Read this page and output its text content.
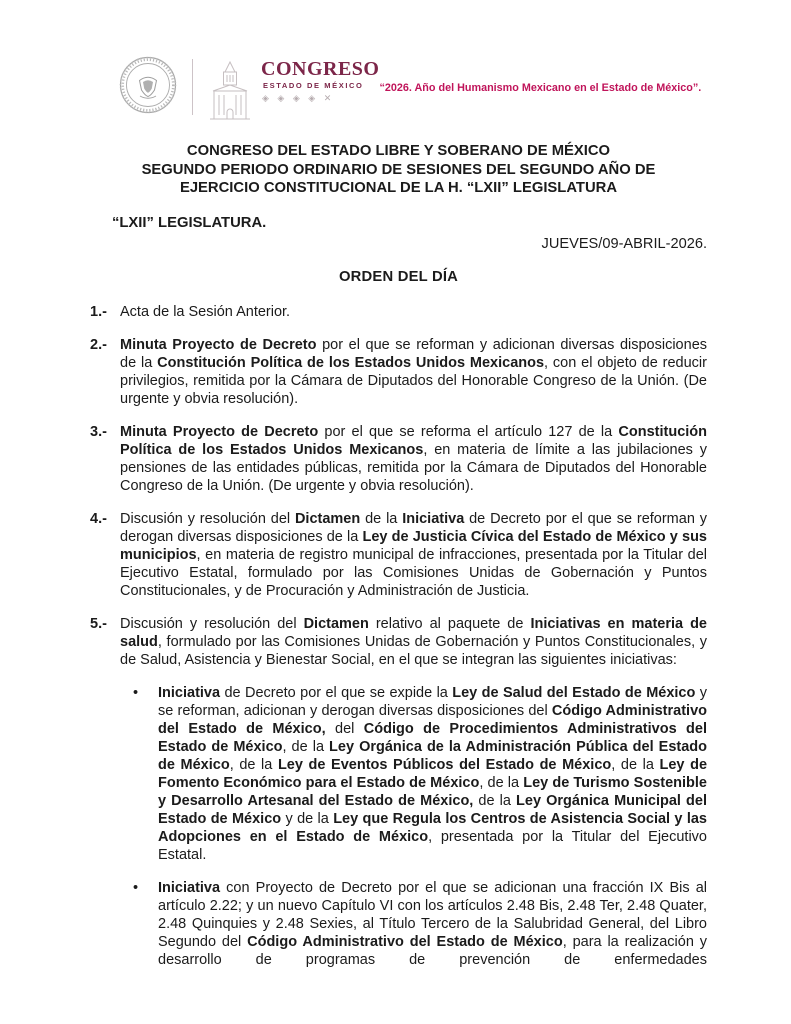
CONGRESO
ESTADO DE MÉXICO
◈ ◈ ◈ ◈ ✕
“2026. Año del Humanismo Mexicano en el Estado de México”.
CONGRESO DEL ESTADO LIBRE Y SOBERANO DE MÉXICO
SEGUNDO PERIODO ORDINARIO DE SESIONES DEL SEGUNDO AÑO DE
EJERCICIO CONSTITUCIONAL DE LA H. “LXII” LEGISLATURA
“LXII” LEGISLATURA.
JUEVES/09-ABRIL-2026.
ORDEN DEL DÍA
1.- Acta de la Sesión Anterior.
2.- Minuta Proyecto de Decreto por el que se reforman y adicionan diversas disposiciones de la Constitución Política de los Estados Unidos Mexicanos, con el objeto de reducir privilegios, remitida por la Cámara de Diputados del Honorable Congreso de la Unión. (De urgente y obvia resolución).
3.- Minuta Proyecto de Decreto por el que se reforma el artículo 127 de la Constitución Política de los Estados Unidos Mexicanos, en materia de límite a las jubilaciones y pensiones de las entidades públicas, remitida por la Cámara de Diputados del Honorable Congreso de la Unión. (De urgente y obvia resolución).
4.- Discusión y resolución del Dictamen de la Iniciativa de Decreto por el que se reforman y derogan diversas disposiciones de la Ley de Justicia Cívica del Estado de México y sus municipios, en materia de registro municipal de infracciones, presentada por la Titular del Ejecutivo Estatal, formulado por las Comisiones Unidas de Gobernación y Puntos Constitucionales, y de Procuración y Administración de Justicia.
5.- Discusión y resolución del Dictamen relativo al paquete de Iniciativas en materia de salud, formulado por las Comisiones Unidas de Gobernación y Puntos Constitucionales, y de Salud, Asistencia y Bienestar Social, en el que se integran las siguientes iniciativas:
•	Iniciativa de Decreto por el que se expide la Ley de Salud del Estado de México y se reforman, adicionan y derogan diversas disposiciones del Código Administrativo del Estado de México, del Código de Procedimientos Administrativos del Estado de México, de la Ley Orgánica de la Administración Pública del Estado de México, de la Ley de Eventos Públicos del Estado de México, de la Ley de Fomento Económico para el Estado de México, de la Ley de Turismo Sostenible y Desarrollo Artesanal del Estado de México, de la Ley Orgánica Municipal del Estado de México y de la Ley que Regula los Centros de Asistencia Social y las Adopciones en el Estado de México, presentada por la Titular del Ejecutivo Estatal.
•	Iniciativa con Proyecto de Decreto por el que se adicionan una fracción IX Bis al artículo 2.22; y un nuevo Capítulo VI con los artículos 2.48 Bis, 2.48 Ter, 2.48 Quater, 2.48 Quinquies y 2.48 Sexies, al Título Tercero de la Salubridad General, del Libro Segundo del Código Administrativo del Estado de México, para la realización y desarrollo de programas de prevención de enfermedades
